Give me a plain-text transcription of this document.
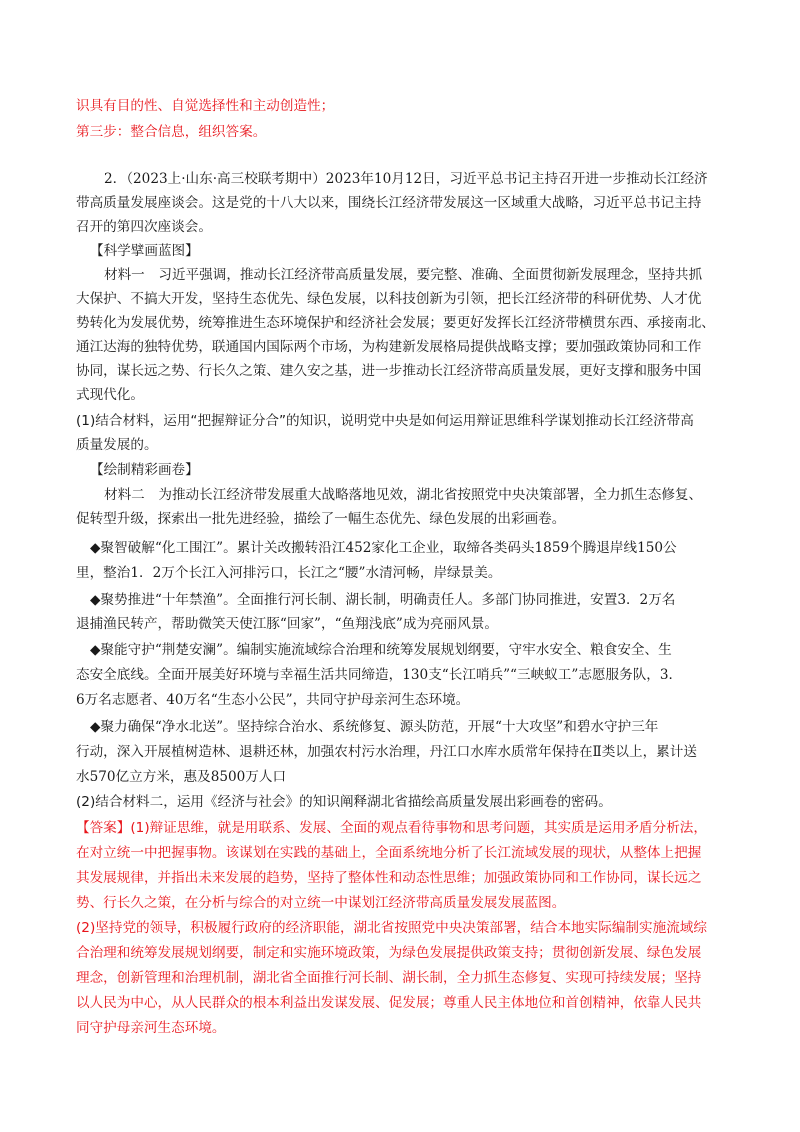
识具有目的性、自觉选择性和主动创造性；
第三步：整合信息，组织答案。
2．（2023上·山东·高三校联考期中）2023年10月12日，习近平总书记主持召开进一步推动长江经济
带高质量发展座谈会。这是党的十八大以来，围绕长江经济带发展这一区域重大战略，习近平总书记主持
召开的第四次座谈会。
【科学擘画蓝图】
材料一　习近平强调，推动长江经济带高质量发展，要完整、准确、全面贯彻新发展理念，坚持共抓
大保护、不搞大开发，坚持生态优先、绿色发展，以科技创新为引领，把长江经济带的科研优势、人才优
势转化为发展优势，统筹推进生态环境保护和经济社会发展；要更好发挥长江经济带横贯东西、承接南北、
通江达海的独特优势，联通国内国际两个市场，为构建新发展格局提供战略支撑；要加强政策协同和工作
协同，谋长远之势、行长久之策、建久安之基，进一步推动长江经济带高质量发展，更好支撑和服务中国
式现代化。
(1)结合材料，运用“把握辩证分合”的知识，说明党中央是如何运用辩证思维科学谋划推动长江经济带高
质量发展的。
【绘制精彩画卷】
材料二　为推动长江经济带发展重大战略落地见效，湖北省按照党中央决策部署，全力抓生态修复、
促转型升级，探索出一批先进经验，描绘了一幅生态优先、绿色发展的出彩画卷。
◆聚智破解“化工围江”。累计关改搬转沿江452家化工企业，取缔各类码头1859个腾退岸线150公
里，整治1．2万个长江入河排污口，长江之“腰”水清河畅，岸绿景美。
◆聚势推进“十年禁渔”。全面推行河长制、湖长制，明确责任人。多部门协同推进，安置3．2万名
退捕渔民转产，帮助微笑天使江豚“回家”，“鱼翔浅底”成为亮丽风景。
◆聚能守护“荆楚安澜”。编制实施流域综合治理和统筹发展规划纲要，守牢水安全、粮食安全、生
态安全底线。全面开展美好环境与幸福生活共同缔造，130支“长江哨兵”“三峡蚁工”志愿服务队，3．
6万名志愿者、40万名“生态小公民”，共同守护母亲河生态环境。
◆聚力确保“净水北送”。坚持综合治水、系统修复、源头防范，开展“十大攻坚”和碧水守护三年
行动，深入开展植树造林、退耕还林，加强农村污水治理，丹江口水库水质常年保持在Ⅱ类以上，累计送
水570亿立方米，惠及8500万人口
(2)结合材料二，运用《经济与社会》的知识阐释湖北省描绘高质量发展出彩画卷的密码。
【答案】(1)辩证思维，就是用联系、发展、全面的观点看待事物和思考问题，其实质是运用矛盾分析法，
在对立统一中把握事物。该谋划在实践的基础上，全面系统地分析了长江流域发展的现状，从整体上把握
其发展规律，并指出未来发展的趋势，坚持了整体性和动态性思维；加强政策协同和工作协同，谋长远之
势、行长久之策，在分析与综合的对立统一中谋划江经济带高质量发展发展蓝图。
(2)坚持党的领导，积极履行政府的经济职能，湖北省按照党中央决策部署，结合本地实际编制实施流域综
合治理和统筹发展规划纲要，制定和实施环境政策，为绿色发展提供政策支持；贯彻创新发展、绿色发展
理念，创新管理和治理机制，湖北省全面推行河长制、湖长制，全力抓生态修复、实现可持续发展；坚持
以人民为中心，从人民群众的根本利益出发谋发展、促发展；尊重人民主体地位和首创精神，依靠人民共
同守护母亲河生态环境。
